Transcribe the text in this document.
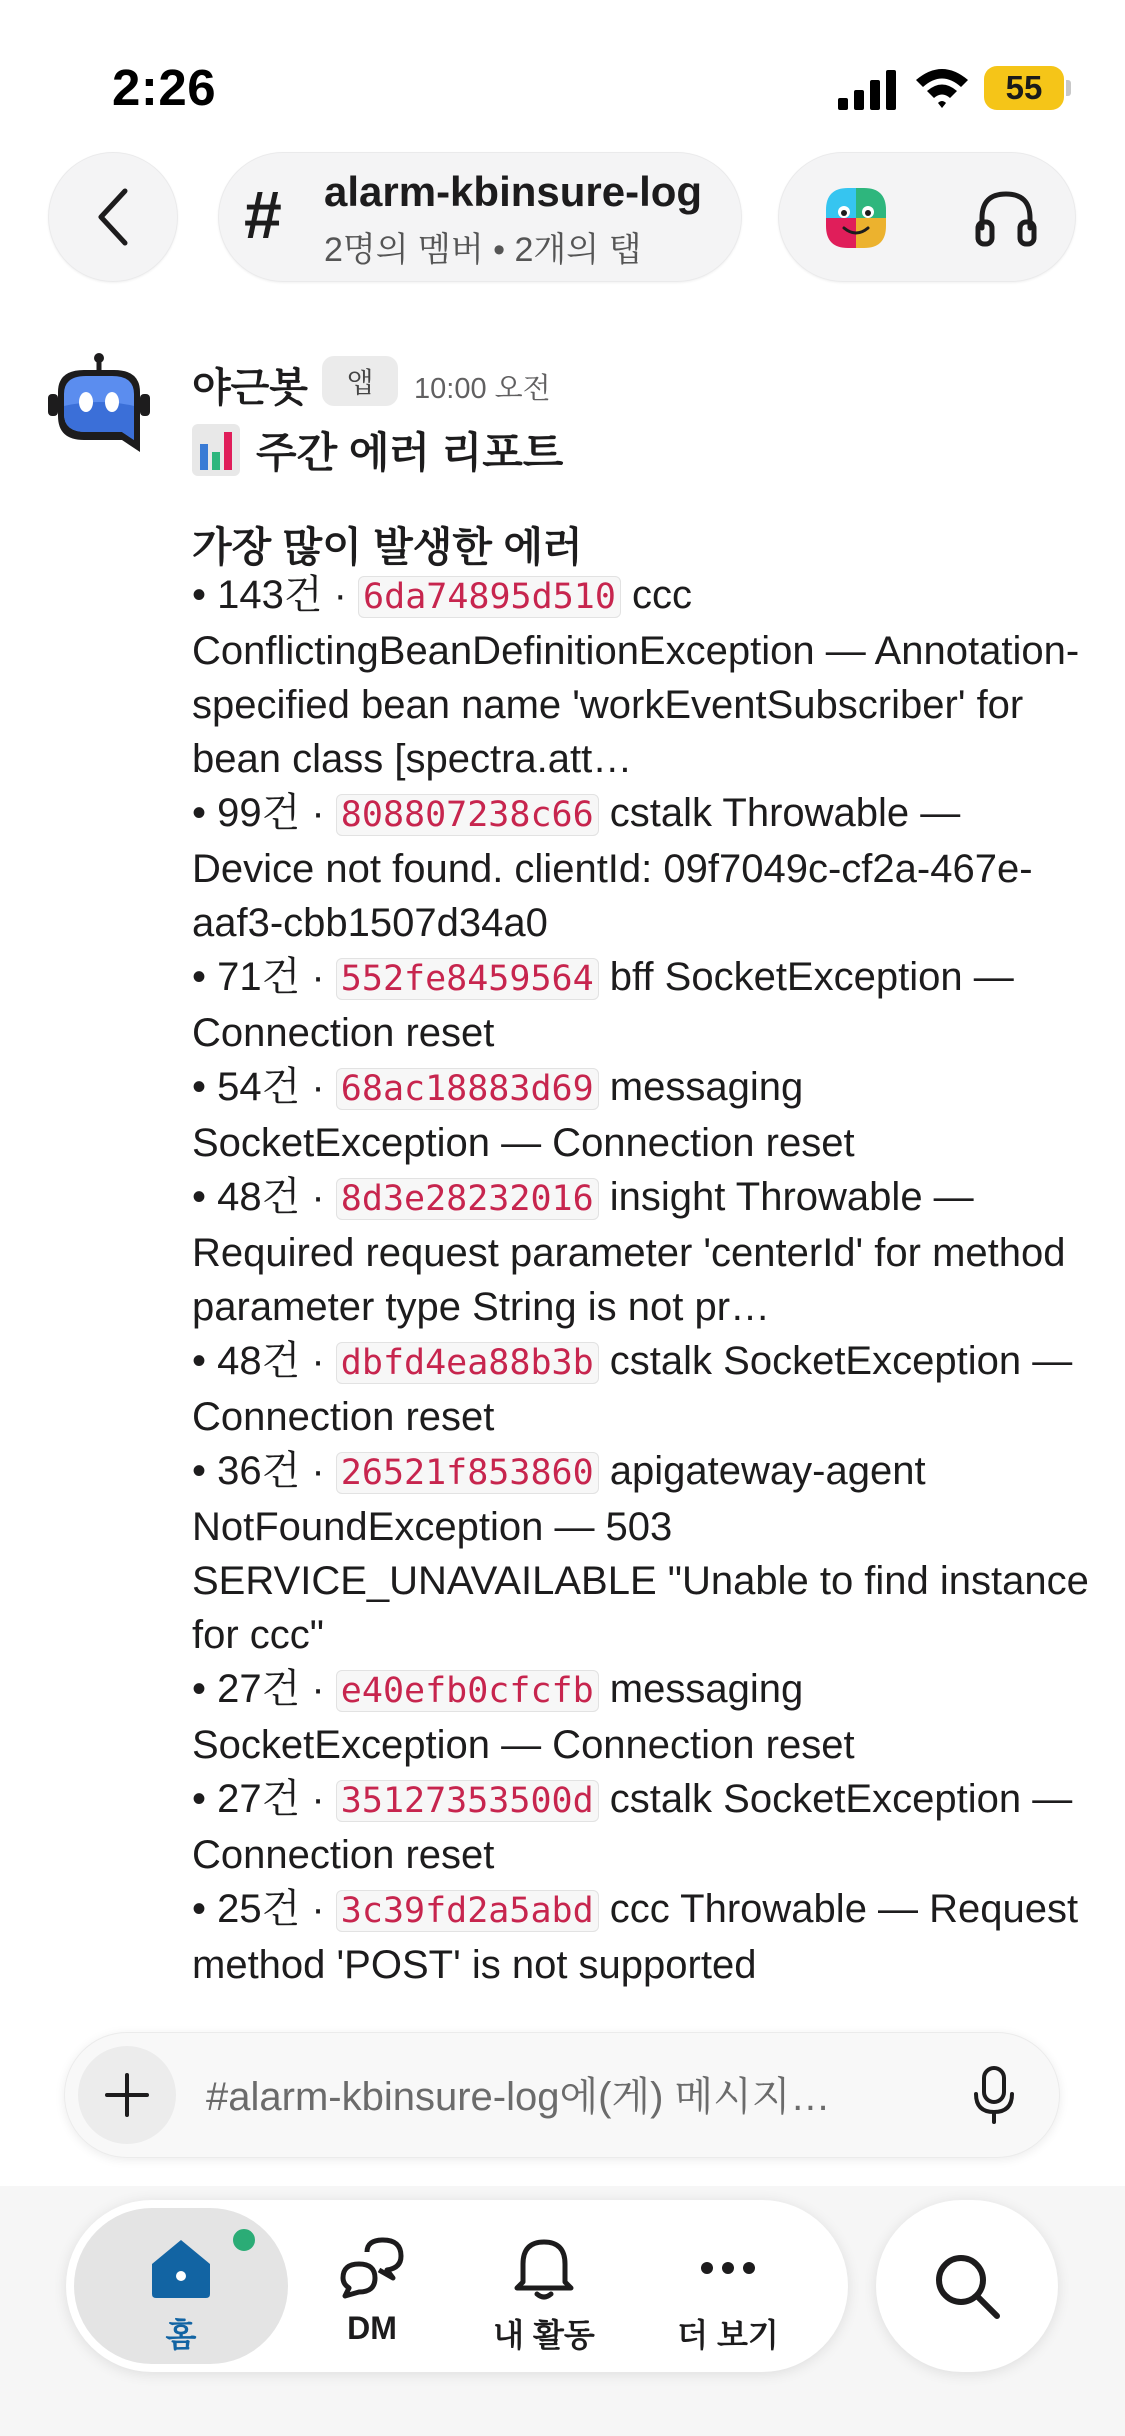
2:26	55
# alarm-kbinsure-log
2명의 멤버 • 2개의 탭
야근봇	앱	10:00 오전
주간 에러 리포트
가장 많이 발생한 에러
• 143건 · 6da74895d510 ccc ConflictingBeanDefinitionException — Annotation-specified bean name 'workEventSubscriber' for bean class [spectra.att…
• 99건 · 808807238c66 cstalk Throwable — Device not found. clientId: 09f7049c-cf2a-467e-aaf3-cbb1507d34a0
• 71건 · 552fe8459564 bff SocketException — Connection reset
• 54건 · 68ac18883d69 messaging SocketException — Connection reset
• 48건 · 8d3e28232016 insight Throwable — Required request parameter 'centerId' for method parameter type String is not pr…
• 48건 · dbfd4ea88b3b cstalk SocketException — Connection reset
• 36건 · 26521f853860 apigateway-agent NotFoundException — 503 SERVICE_UNAVAILABLE "Unable to find instance for ccc"
• 27건 · e40efb0cfcfb messaging SocketException — Connection reset
• 27건 · 35127353500d cstalk SocketException — Connection reset
• 25건 · 3c39fd2a5abd ccc Throwable — Request method 'POST' is not supported
#alarm-kbinsure-log에(게) 메시지…
홈	DM	내 활동	더 보기
